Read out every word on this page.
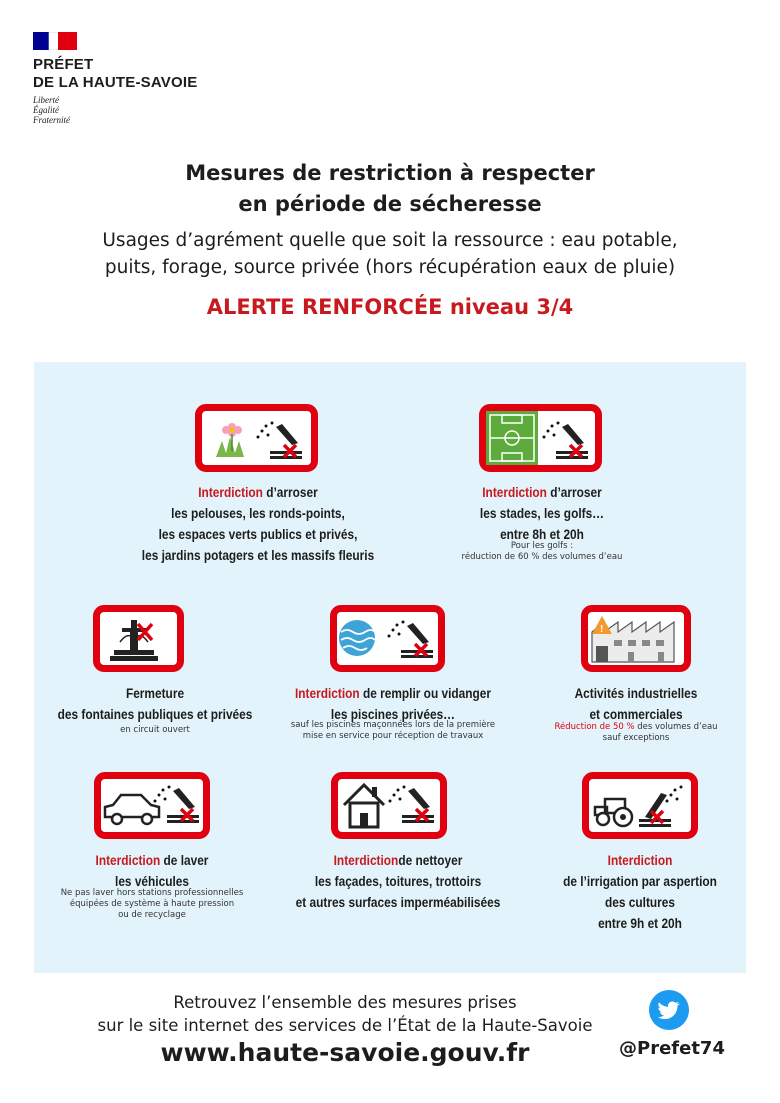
PRÉFET
DE LA HAUTE-SAVOIE
Liberté
Égalité
Fraternité
Mesures de restriction à respecter
en période de sécheresse
Usages d’agrément quelle que soit la ressource : eau potable,
puits, forage, source privée (hors récupération eaux de pluie)
ALERTE RENFORCÉE niveau 3/4
Interdiction d’arroser
les pelouses, les ronds-points,
les espaces verts publics et privés,
les jardins potagers et les massifs fleuris
Interdiction d’arroser
les stades, les golfs…
entre 8h et 20h
Pour les golfs :
réduction de 60 % des volumes d’eau
Fermeture
des fontaines publiques et privées
en circuit ouvert
Interdiction de remplir ou vidanger
les piscines privées…
sauf les piscines maçonnées lors de la première
mise en service pour réception de travaux
!
Activités industrielles
et commerciales
Réduction de 50 % des volumes d’eau
sauf exceptions
Interdiction de laver
les véhicules
Ne pas laver hors stations professionnelles
équipées de système à haute pression
ou de recyclage
Interdictionde nettoyer
les façades, toitures, trottoirs
et autres surfaces imperméabilisées
Interdiction
de l’irrigation par aspertion
des cultures
entre 9h et 20h
Retrouvez l’ensemble des mesures prises
sur le site internet des services de l’État de la Haute-Savoie
www.haute-savoie.gouv.fr	@Prefet74
